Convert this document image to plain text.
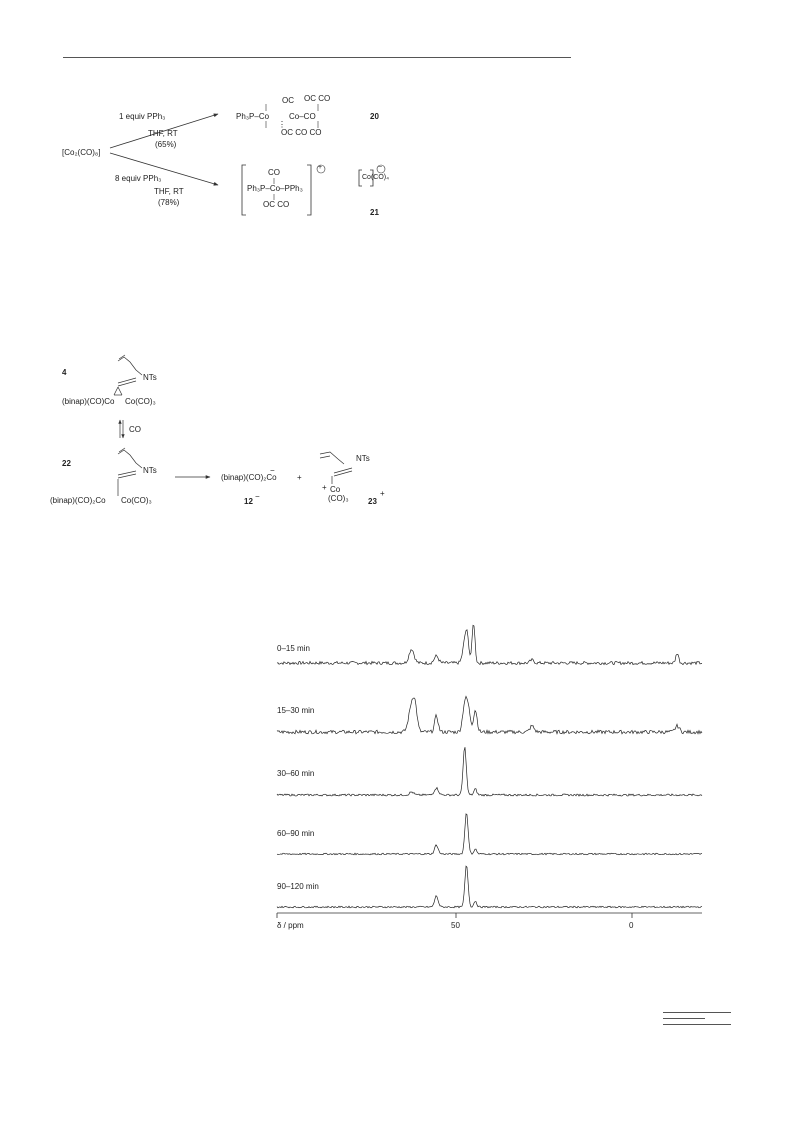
[Co₂(CO)₈]
1 equiv PPh₃
THF, RT
(65%)
8 equiv PPh₃
THF, RT
(78%)
OC OC CO
Ph₃P–Co Co–CO
⋮
OC CO CO
20
CO
Ph₃P–Co–PPh₃
OC CO
+
Co(CO)₄
−
21
4
NTs
(binap)(CO)Co Co(CO)₃
CO
22
NTs
(binap)(CO)₂Co Co(CO)₃
(binap)(CO)₂Co
−
12
−
+
NTs
+ Co
(CO)₃ 23
+
0–15 min
15–30 min
30–60 min
60–90 min
90–120 min
δ / ppm	50	0
